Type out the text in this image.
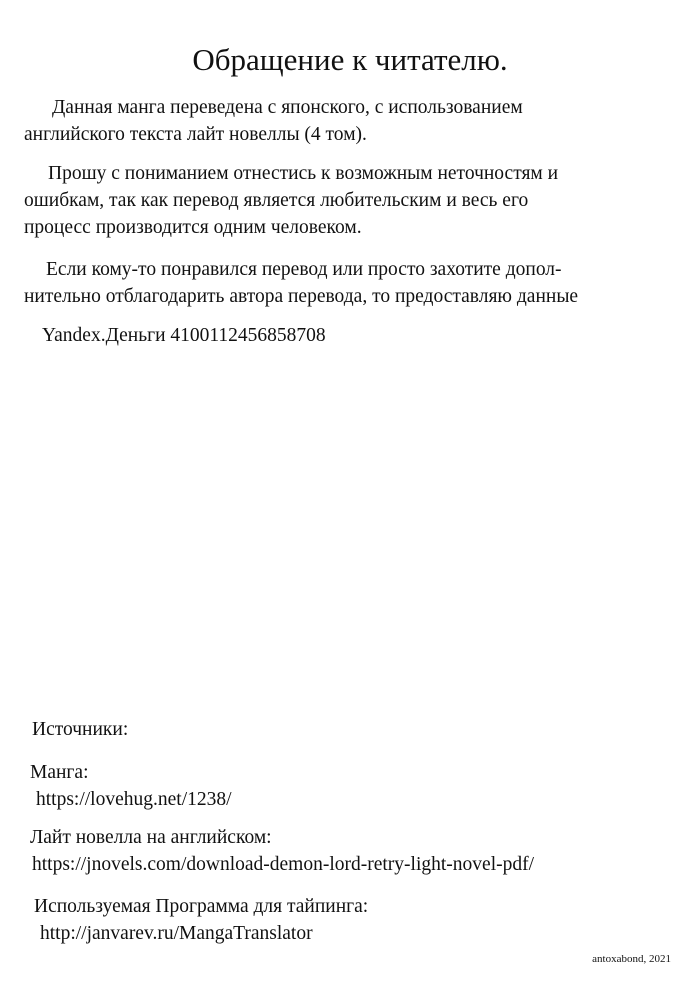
Обращение к читателю.
Данная манга переведена с японского, с использованием
английского текста лайт новеллы (4 том).
Прошу с пониманием отнестись к возможным неточностям и
ошибкам, так как перевод является любительским и весь его
процесс производится одним человеком.
Если кому-то понравился перевод или просто захотите допол-
нительно отблагодарить автора перевода, то предоставляю данные
Yandex.Деньги 4100112456858708
Источники:
Манга:
https://lovehug.net/1238/
Лайт новелла на английском:
https://jnovels.com/download-demon-lord-retry-light-novel-pdf/
Используемая Программа для тайпинга:
http://janvarev.ru/MangaTranslator
antoxabond, 2021
